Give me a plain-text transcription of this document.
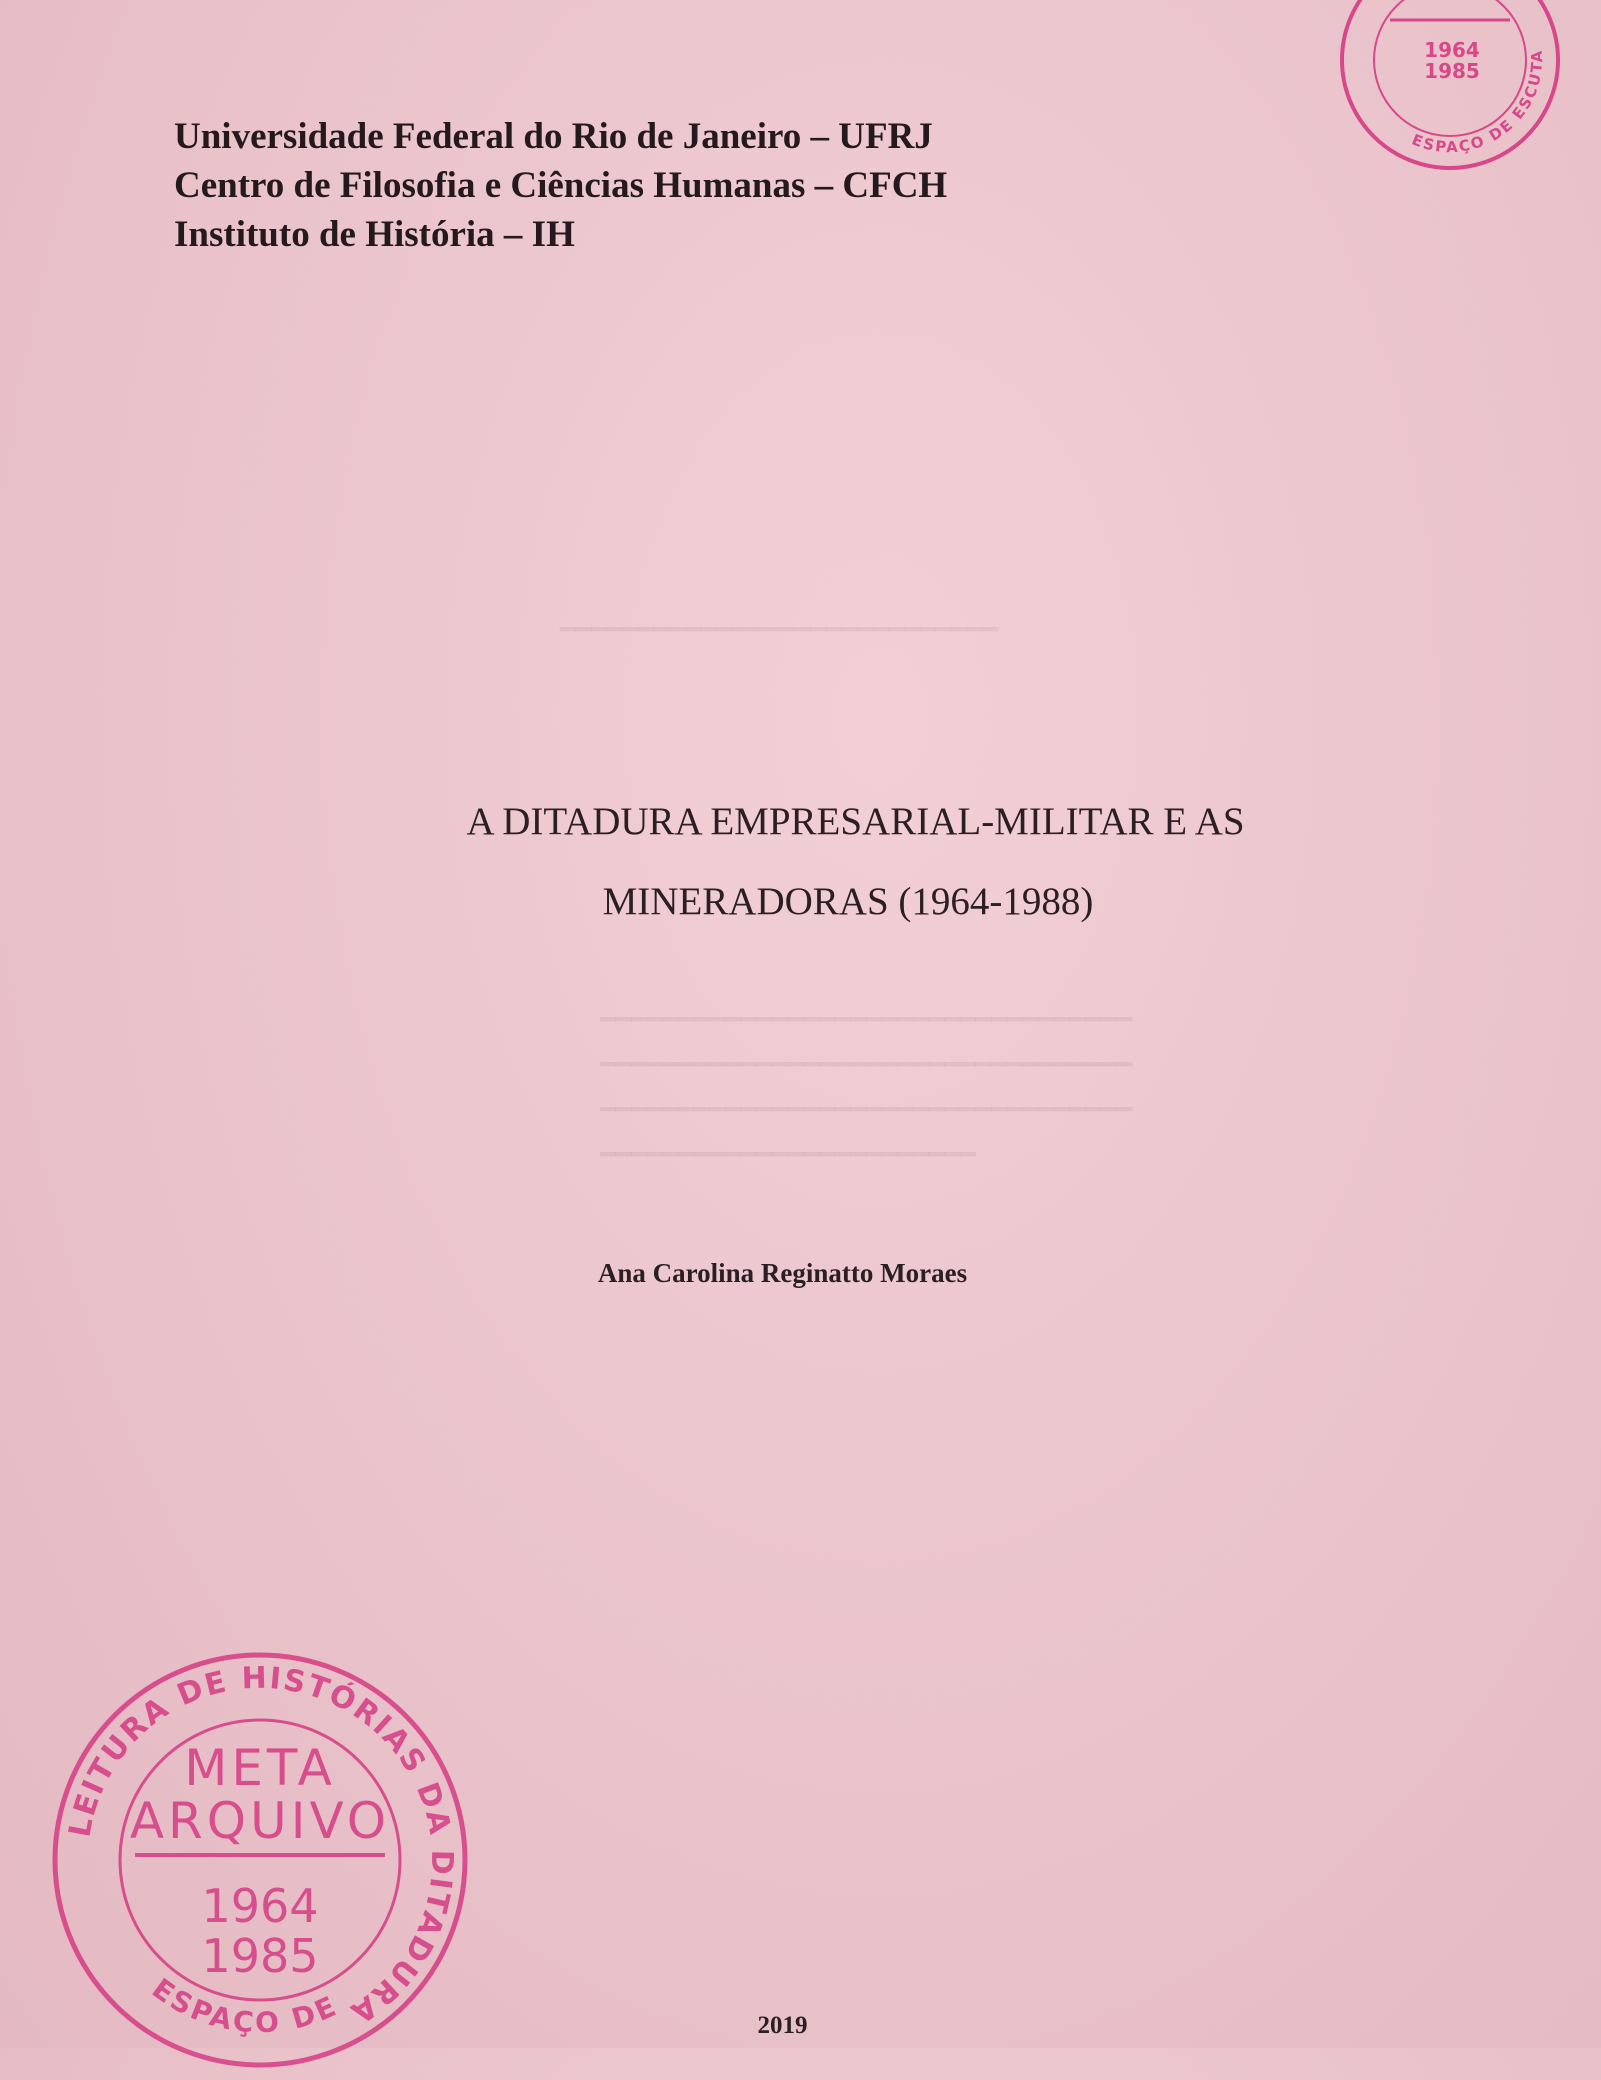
━━━━━━━━━━━━━━━━━━━━━━━━━━━━
━━━━━━━━━━━━━━━━━━━━━━━━━━━━━━━━━━
━━━━━━━━━━━━━━━━━━━━━━━━━━━━━━━━━━
━━━━━━━━━━━━━━━━━━━━━━━━━━━━━━━━━━
━━━━━━━━━━━━━━━━━━━━━━━━
Universidade Federal do Rio de Janeiro – UFRJ
Centro de Filosofia e Ciências Humanas – CFCH
Instituto de História – IH
A DITADURA EMPRESARIAL-MILITAR E AS
MINERADORAS (1964-1988)
Ana Carolina Reginatto Moraes
2019
ESPAÇO DE ESCUTA
1964
1985
LEITURA DE HISTÓRIAS DA DITADURA
ESPAÇO DE
META
ARQUIVO
1964
1985
